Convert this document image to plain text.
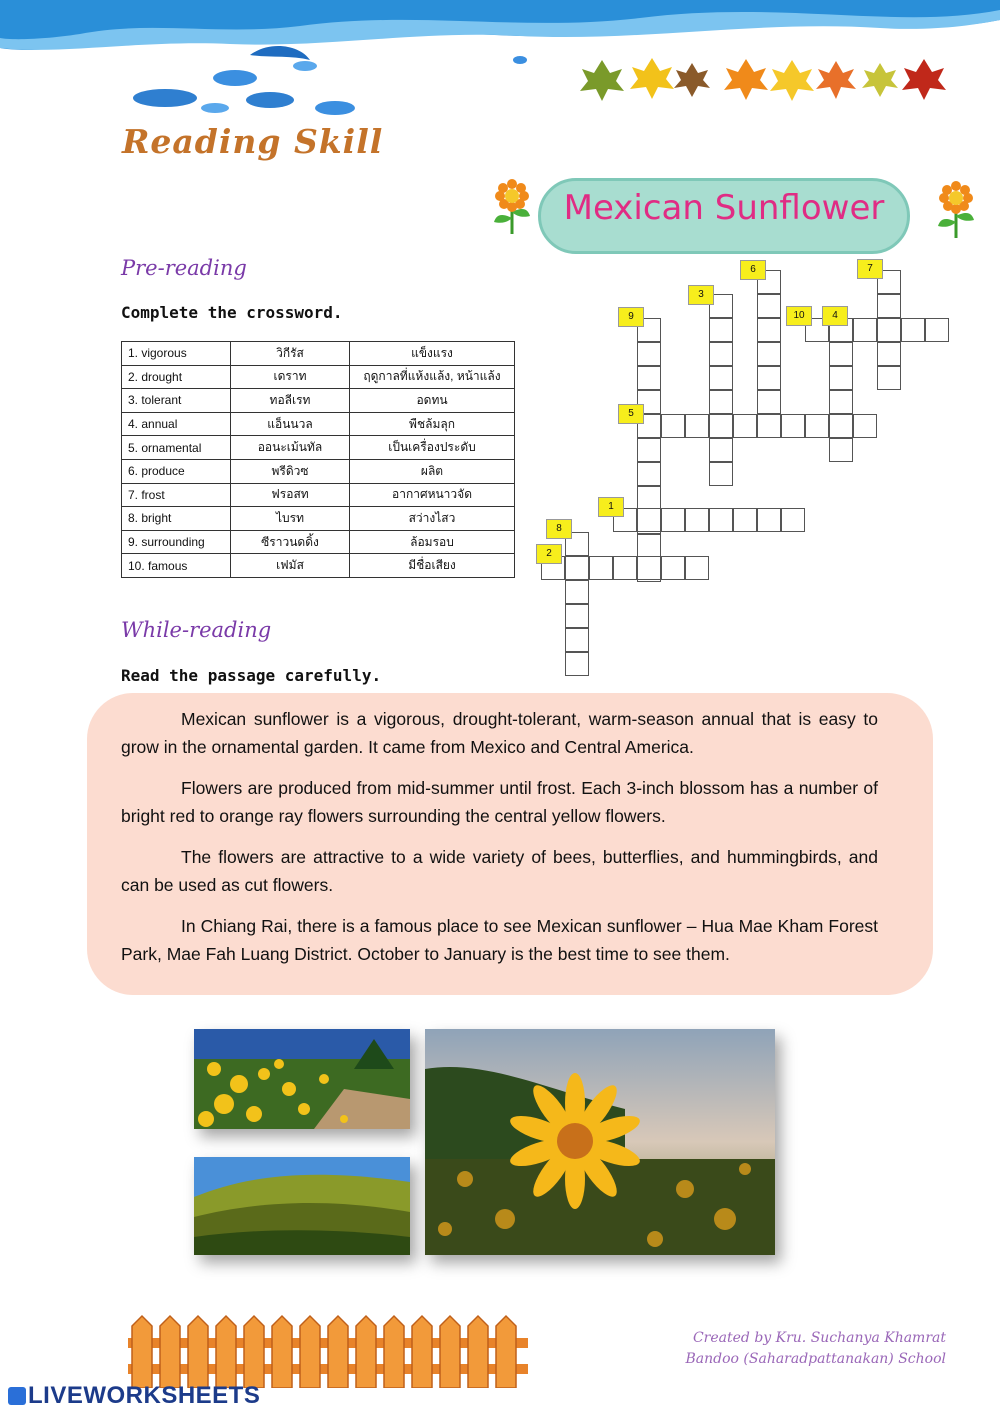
Reading Skill
Mexican Sunflower
Pre-reading
Complete the crossword.
1. vigorous	วิกีรัส	แข็งแรง
2. drought	เดราท	ฤดูกาลที่แห้งแล้ง, หน้าแล้ง
3. tolerant	ทอลีเรท	อดทน
4. annual	แอ็นนวล	พืชล้มลุก
5. ornamental	ออนะเม้นทัล	เป็นเครื่องประดับ
6. produce	พรีดิวซ	ผลิต
7. frost	ฟรอสท	อากาศหนาวจัด
8. bright	ไบรท	สว่างไสว
9. surrounding	ซีราวนดดิ้ง	ล้อมรอบ
10. famous	เฟมัส	มีชื่อเสียง
1
2
3
4
5
6	7
8
9	10
While-reading
Read the passage carefully.

Mexican sunflower is a vigorous, drought-tolerant, warm-season annual that is easy to grow in the ornamental garden. It came from Mexico and Central America.

Flowers are produced from mid-summer until frost. Each 3-inch blossom has a number of bright red to orange ray flowers surrounding the central yellow flowers.

The flowers are attractive to a wide variety of bees, butterflies, and hummingbirds, and can be used as cut flowers.

In Chiang Rai, there is a famous place to see Mexican sunflower – Hua Mae Kham Forest Park, Mae Fah Luang District. October to January is the best time to see them.

Created by Kru. Suchanya Khamrat
Bandoo (Saharadpattanakan) School
LIVEWORKSHEETS
